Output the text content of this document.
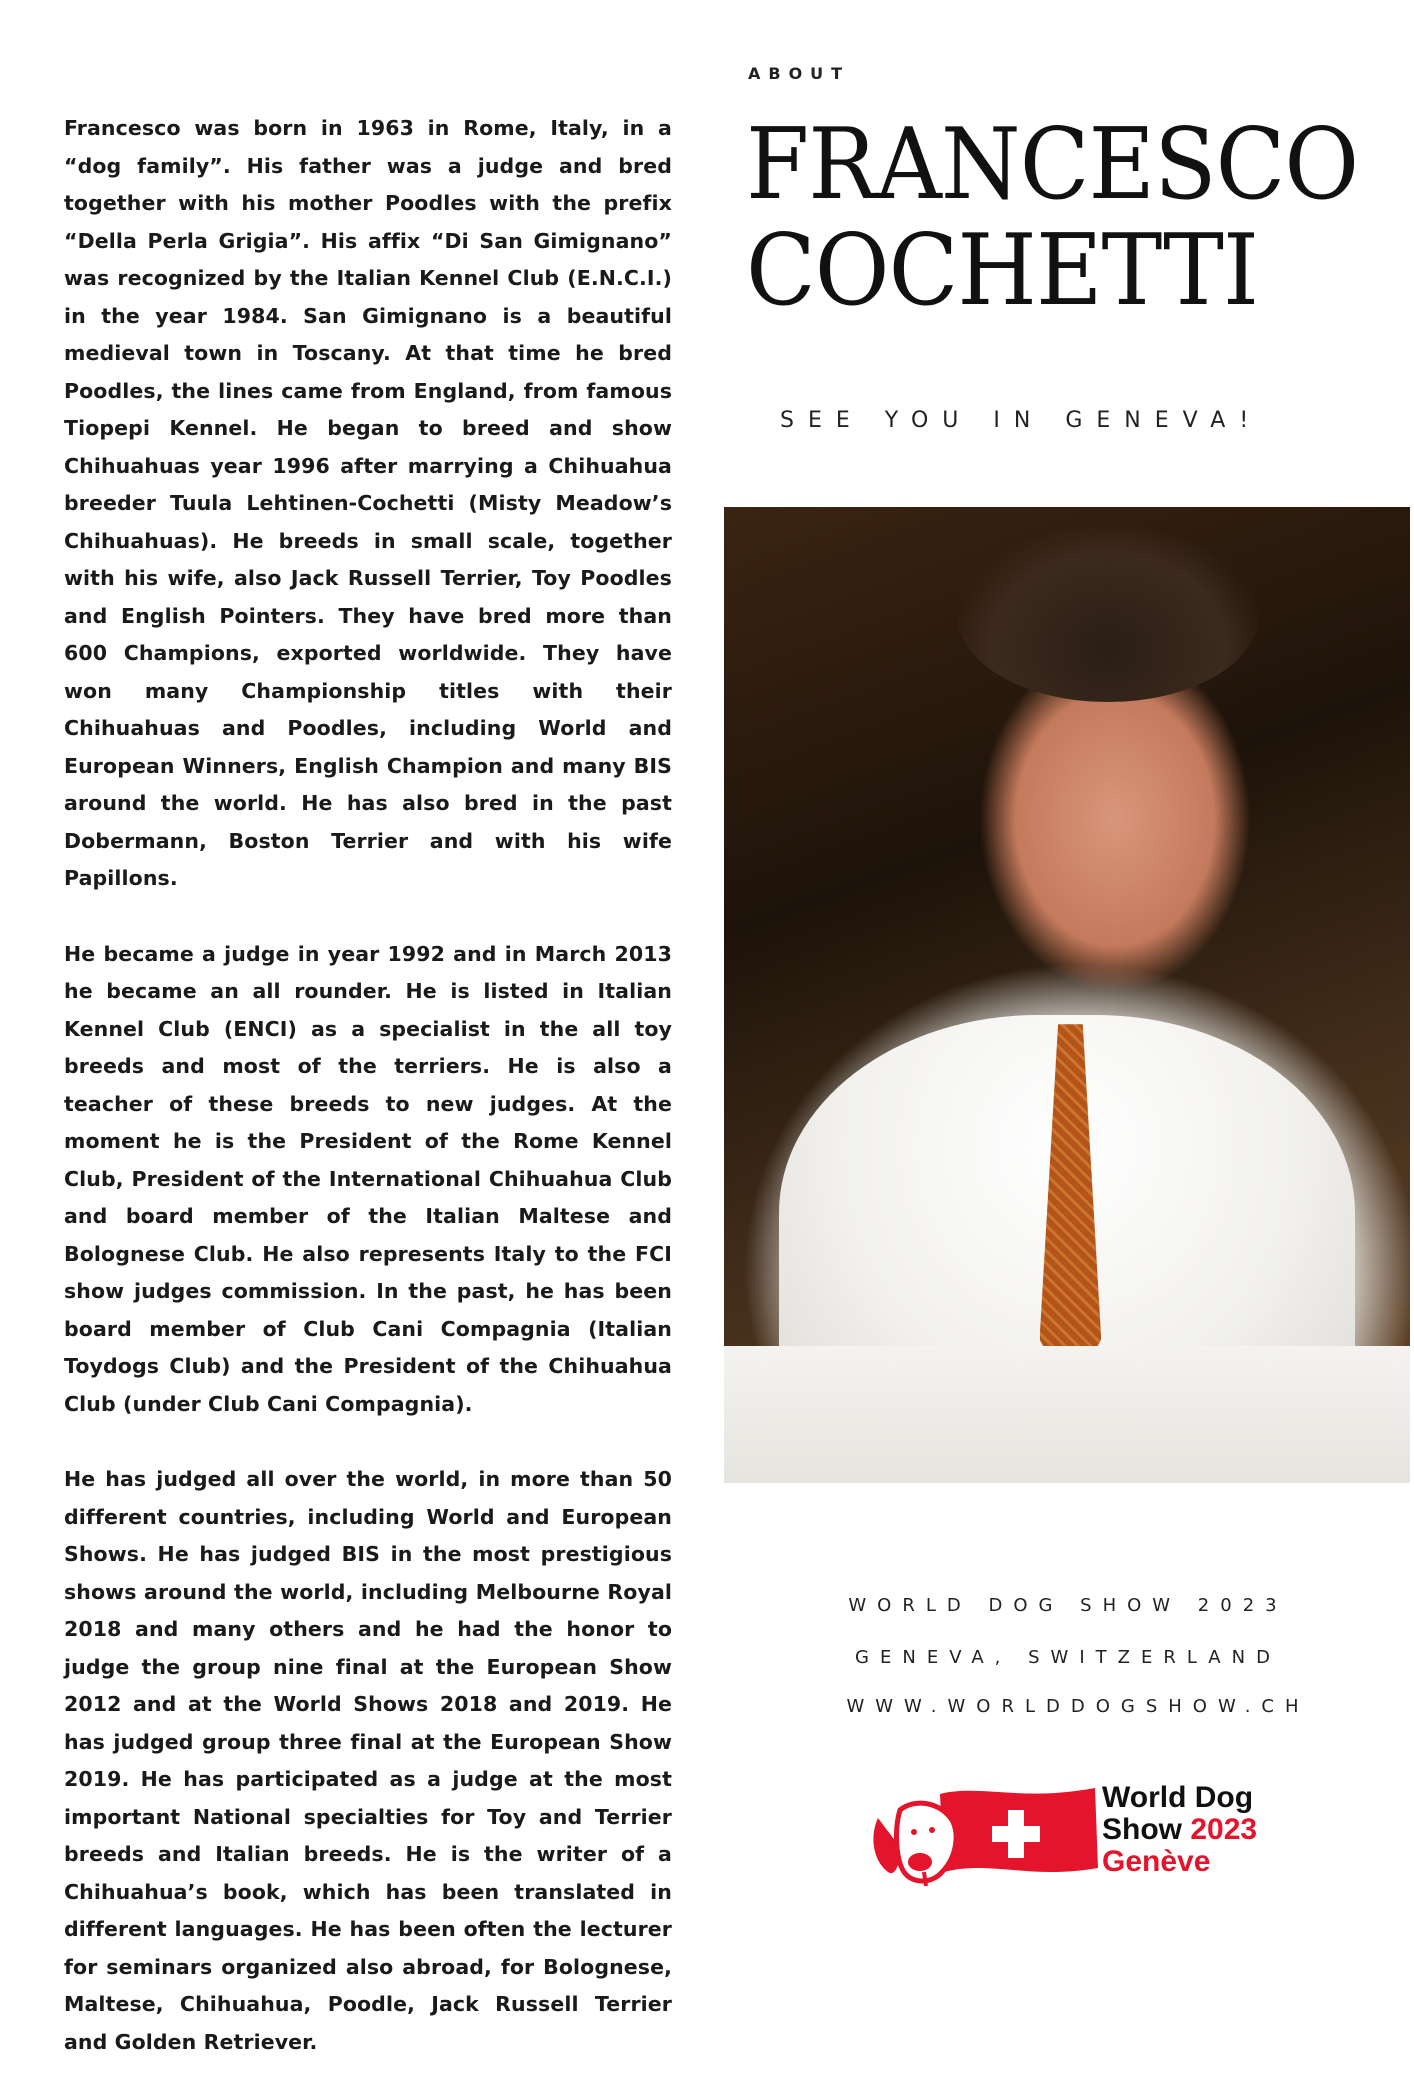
Francesco was born in 1963 in Rome, Italy, in a “dog family”. His father was a judge and bred together with his mother Poodles with the prefix “Della Perla Grigia”. His affix “Di San Gimignano” was recognized by the Italian Kennel Club (E.N.C.I.) in the year 1984. San Gimignano is a beautiful medieval town in Toscany. At that time he bred Poodles, the lines came from England, from famous Tiopepi Kennel. He began to breed and show Chihuahuas year 1996 after marrying a Chihuahua breeder Tuula Lehtinen-Cochetti (Misty Meadow’s Chihuahuas). He breeds in small scale, together with his wife, also Jack Russell Terrier, Toy Poodles and English Pointers. They have bred more than 600 Champions, exported worldwide. They have won many Championship titles with their Chihuahuas and Poodles, including World and European Winners, English Champion and many BIS around the world. He has also bred in the past Dobermann, Boston Terrier and with his wife Papillons.

He became a judge in year 1992 and in March 2013 he became an all rounder. He is listed in Italian Kennel Club (ENCI) as a specialist in the all toy breeds and most of the terriers. He is also a teacher of these breeds to new judges. At the moment he is the President of the Rome Kennel Club, President of the International Chihuahua Club and board member of the Italian Maltese and Bolognese Club. He also represents Italy to the FCI show judges commission. In the past, he has been board member of Club Cani Compagnia (Italian Toydogs Club) and the President of the Chihuahua Club (under Club Cani Compagnia).

He has judged all over the world, in more than 50 different countries, including World and European Shows. He has judged BIS in the most prestigious shows around the world, including Melbourne Royal 2018 and many others and he had the honor to judge the group nine final at the European Show 2012 and at the World Shows 2018 and 2019. He has judged group three final at the European Show 2019. He has participated as a judge at the most important National specialties for Toy and Terrier breeds and Italian breeds. He is the writer of a Chihuahua’s book, which has been translated in different languages. He has been often the lecturer for seminars organized also abroad, for Bolognese, Maltese, Chihuahua, Poodle, Jack Russell Terrier and Golden Retriever.

ABOUT
FRANCESCO
COCHETTI
SEE YOU IN GENEVA!
WORLD DOG SHOW 2023
GENEVA, SWITZERLAND
WWW.WORLDDOGSHOW.CH
World Dog
Show 2023
Genève
